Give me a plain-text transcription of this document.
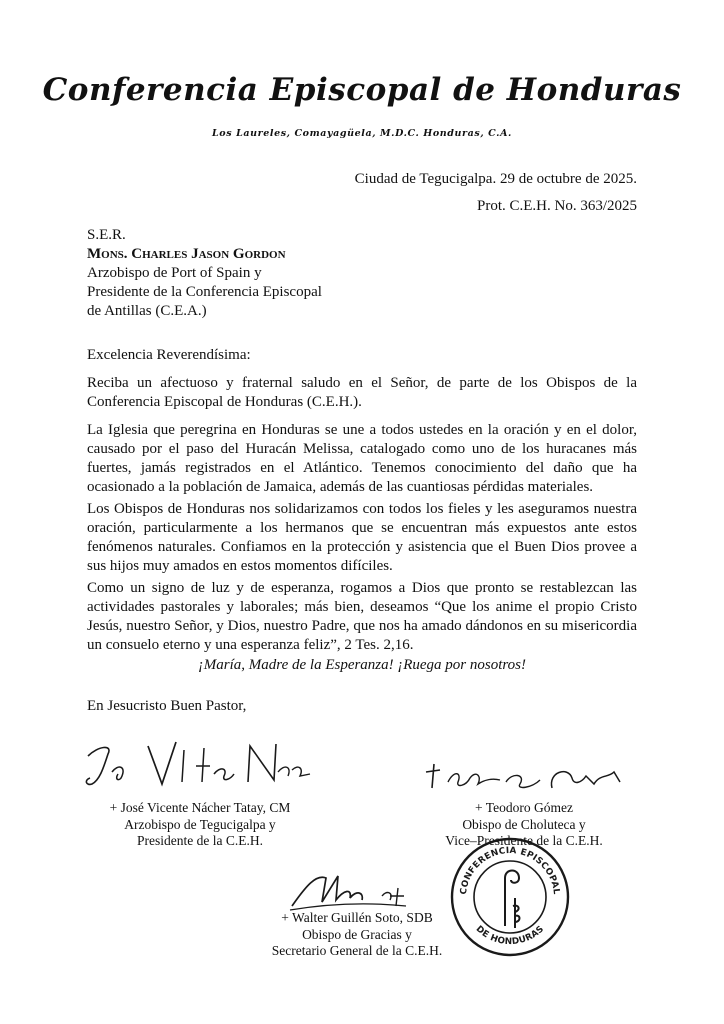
Conferencia Episcopal de Honduras
Los Laureles, Comayagüela, M.D.C. Honduras, C.A.
Ciudad de Tegucigalpa. 29 de octubre de 2025.
Prot. C.E.H. No. 363/2025
S.E.R.
Mons. Charles Jason Gordon
Arzobispo de Port of Spain y
Presidente de la Conferencia Episcopal
de Antillas (C.E.A.)
Excelencia Reverendísima:

Reciba un afectuoso y fraternal saludo en el Señor, de parte de los Obispos de la Conferencia Episcopal de Honduras (C.E.H.).

La Iglesia que peregrina en Honduras se une a todos ustedes en la oración y en el dolor, causado por el paso del Huracán Melissa, catalogado como uno de los huracanes más fuertes, jamás registrados en el Atlántico. Tenemos conocimiento del daño que ha ocasionado a la población de Jamaica, además de las cuantiosas pérdidas materiales.

Los Obispos de Honduras nos solidarizamos con todos los fieles y les aseguramos nuestra oración, particularmente a los hermanos que se encuentran más expuestos ante estos fenómenos naturales. Confiamos en la protección y asistencia que el Buen Dios provee a sus hijos muy amados en estos momentos difíciles.

Como un signo de luz y de esperanza, rogamos a Dios que pronto se restablezcan las actividades pastorales y laborales; más bien, deseamos “Que los anime el propio Cristo Jesús, nuestro Señor, y Dios, nuestro Padre, que nos ha amado dándonos en su misericordia un consuelo eterno y una esperanza feliz”, 2 Tes. 2,16.

¡María, Madre de la Esperanza! ¡Ruega por nosotros!
En Jesucristo Buen Pastor,
José Vicente Nácher
+ José Vicente Nácher Tatay, CM
Arzobispo de Tegucigalpa y
Presidente de la C.E.H.
T. Gómez
+ Teodoro Gómez
Obispo de Choluteca y
Vice–Presidente de la C.E.H.
Walter
+ Walter Guillén Soto, SDB
Obispo de Gracias y
Secretario General de la C.E.H.
CONFERENCIA EPISCOPAL
DE HONDURAS
